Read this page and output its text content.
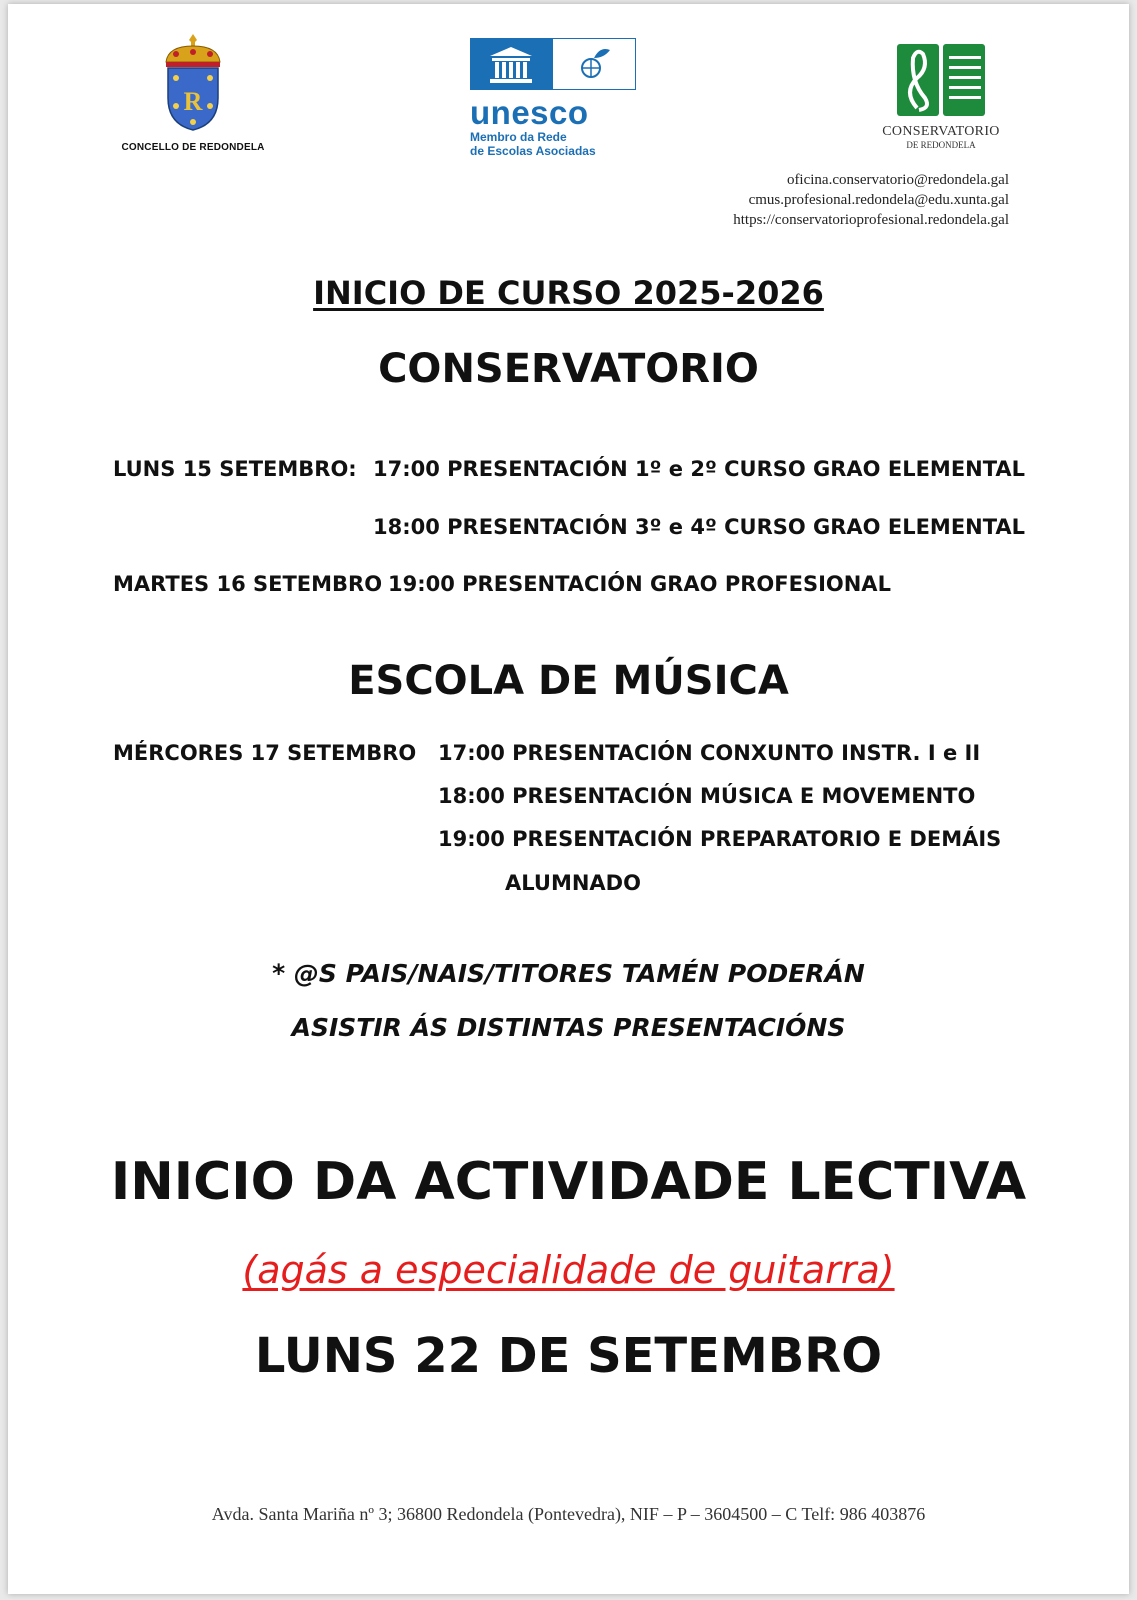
R
CONCELLO DE REDONDELA
unesco
Membro da Rede
de Escolas Asociadas
CONSERVATORIO
DE REDONDELA
oficina.conservatorio@redondela.gal
cmus.profesional.redondela@edu.xunta.gal
https://conservatorioprofesional.redondela.gal
INICIO DE CURSO 2025-2026
CONSERVATORIO
LUNS 15 SETEMBRO: 17:00 PRESENTACIÓN 1º e 2º CURSO GRAO ELEMENTAL
18:00 PRESENTACIÓN 3º e 4º CURSO GRAO ELEMENTAL
MARTES 16 SETEMBRO 19:00 PRESENTACIÓN GRAO PROFESIONAL
ESCOLA DE MÚSICA
MÉRCORES 17 SETEMBRO 17:00 PRESENTACIÓN CONXUNTO INSTR. I e II
18:00 PRESENTACIÓN MÚSICA E MOVEMENTO
19:00 PRESENTACIÓN PREPARATORIO E DEMÁIS
ALUMNADO
* @S PAIS/NAIS/TITORES TAMÉN PODERÁN
ASISTIR ÁS DISTINTAS PRESENTACIÓNS
INICIO DA ACTIVIDADE LECTIVA
(agás a especialidade de guitarra)
LUNS 22 DE SETEMBRO
Avda. Santa Mariña nº 3; 36800 Redondela (Pontevedra), NIF – P – 3604500 – C Telf: 986 403876
